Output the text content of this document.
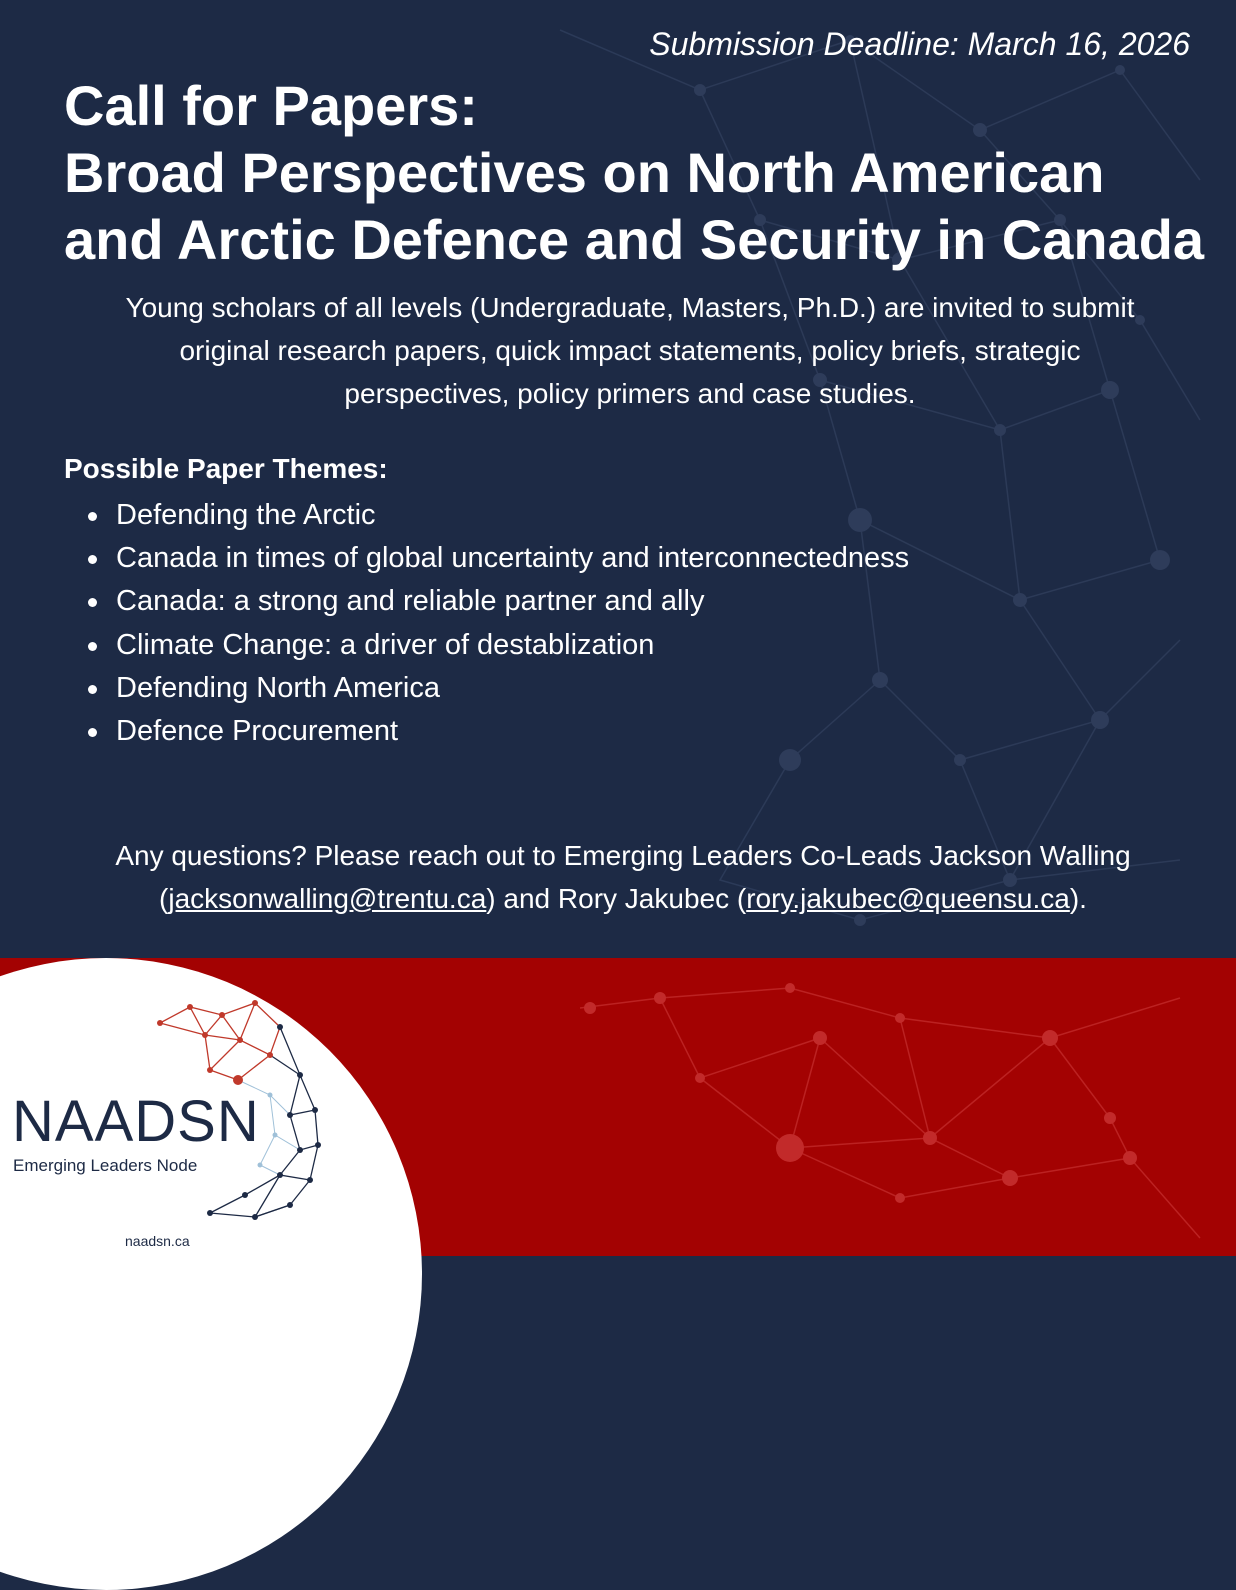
Submission Deadline: March 16, 2026
Call for Papers:
Broad Perspectives on North American
and Arctic Defence and Security in Canada
Young scholars of all levels (Undergraduate, Masters, Ph.D.) are invited to submit
original research papers, quick impact statements, policy briefs, strategic
perspectives, policy primers and case studies.
Possible Paper Themes:
Defending the Arctic
Canada in times of global uncertainty and interconnectedness
Canada: a strong and reliable partner and ally
Climate Change: a driver of destablization
Defending North America
Defence Procurement
Any questions? Please reach out to Emerging Leaders Co-Leads Jackson Walling
(jacksonwalling@trentu.ca) and Rory Jakubec (rory.jakubec@queensu.ca).
NAADSN
Emerging Leaders Node
naadsn.ca
